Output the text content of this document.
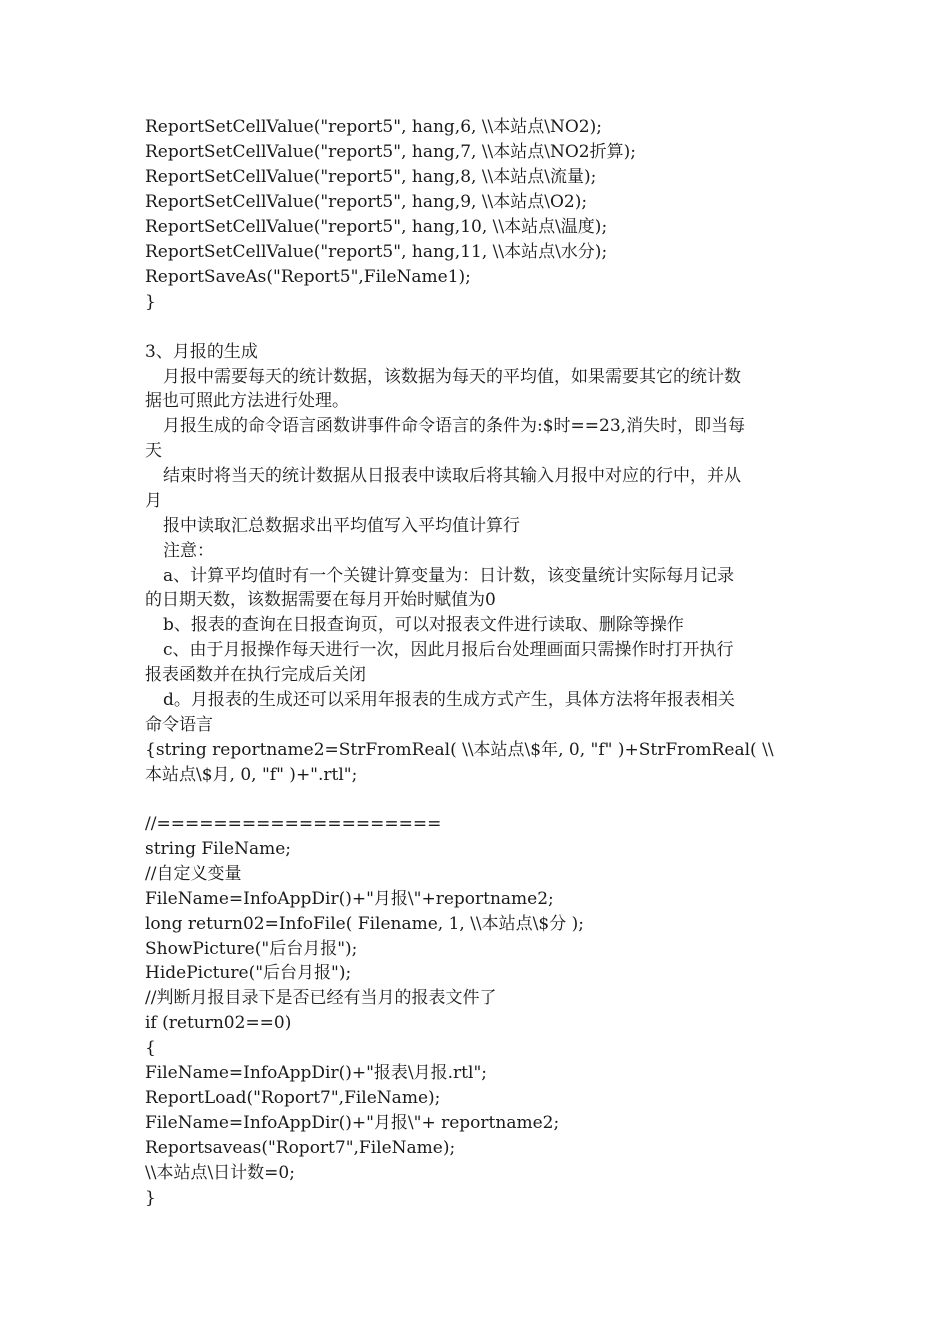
ReportSetCellValue("report5", hang,6, \\本站点\NO2);
ReportSetCellValue("report5", hang,7, \\本站点\NO2折算);
ReportSetCellValue("report5", hang,8, \\本站点\流量);
ReportSetCellValue("report5", hang,9, \\本站点\O2);
ReportSetCellValue("report5", hang,10, \\本站点\温度);
ReportSetCellValue("report5", hang,11, \\本站点\水分);
ReportSaveAs("Report5",FileName1);
}
3、月报的生成
月报中需要每天的统计数据，该数据为每天的平均值，如果需要其它的统计数
据也可照此方法进行处理。
月报生成的命令语言函数讲事件命令语言的条件为:$时==23,消失时，即当每
天
结束时将当天的统计数据从日报表中读取后将其输入月报中对应的行中，并从
月
报中读取汇总数据求出平均值写入平均值计算行
注意：
a、计算平均值时有一个关键计算变量为：日计数，该变量统计实际每月记录
的日期天数，该数据需要在每月开始时赋值为0
b、报表的查询在日报查询页，可以对报表文件进行读取、删除等操作
c、由于月报操作每天进行一次，因此月报后台处理画面只需操作时打开执行
报表函数并在执行完成后关闭
d。月报表的生成还可以采用年报表的生成方式产生，具体方法将年报表相关
命令语言
{string reportname2=StrFromReal( \\本站点\$年, 0, "f" )+StrFromReal( \\
本站点\$月, 0, "f" )+".rtl";
//====================
string FileName;
//自定义变量
FileName=InfoAppDir()+"月报\"+reportname2;
long return02=InfoFile( Filename, 1, \\本站点\$分 );
ShowPicture("后台月报");
HidePicture("后台月报");
//判断月报目录下是否已经有当月的报表文件了
if (return02==0)
{
FileName=InfoAppDir()+"报表\月报.rtl";
ReportLoad("Roport7",FileName);
FileName=InfoAppDir()+"月报\"+ reportname2;
Reportsaveas("Roport7",FileName);
\\本站点\日计数=0;
}
